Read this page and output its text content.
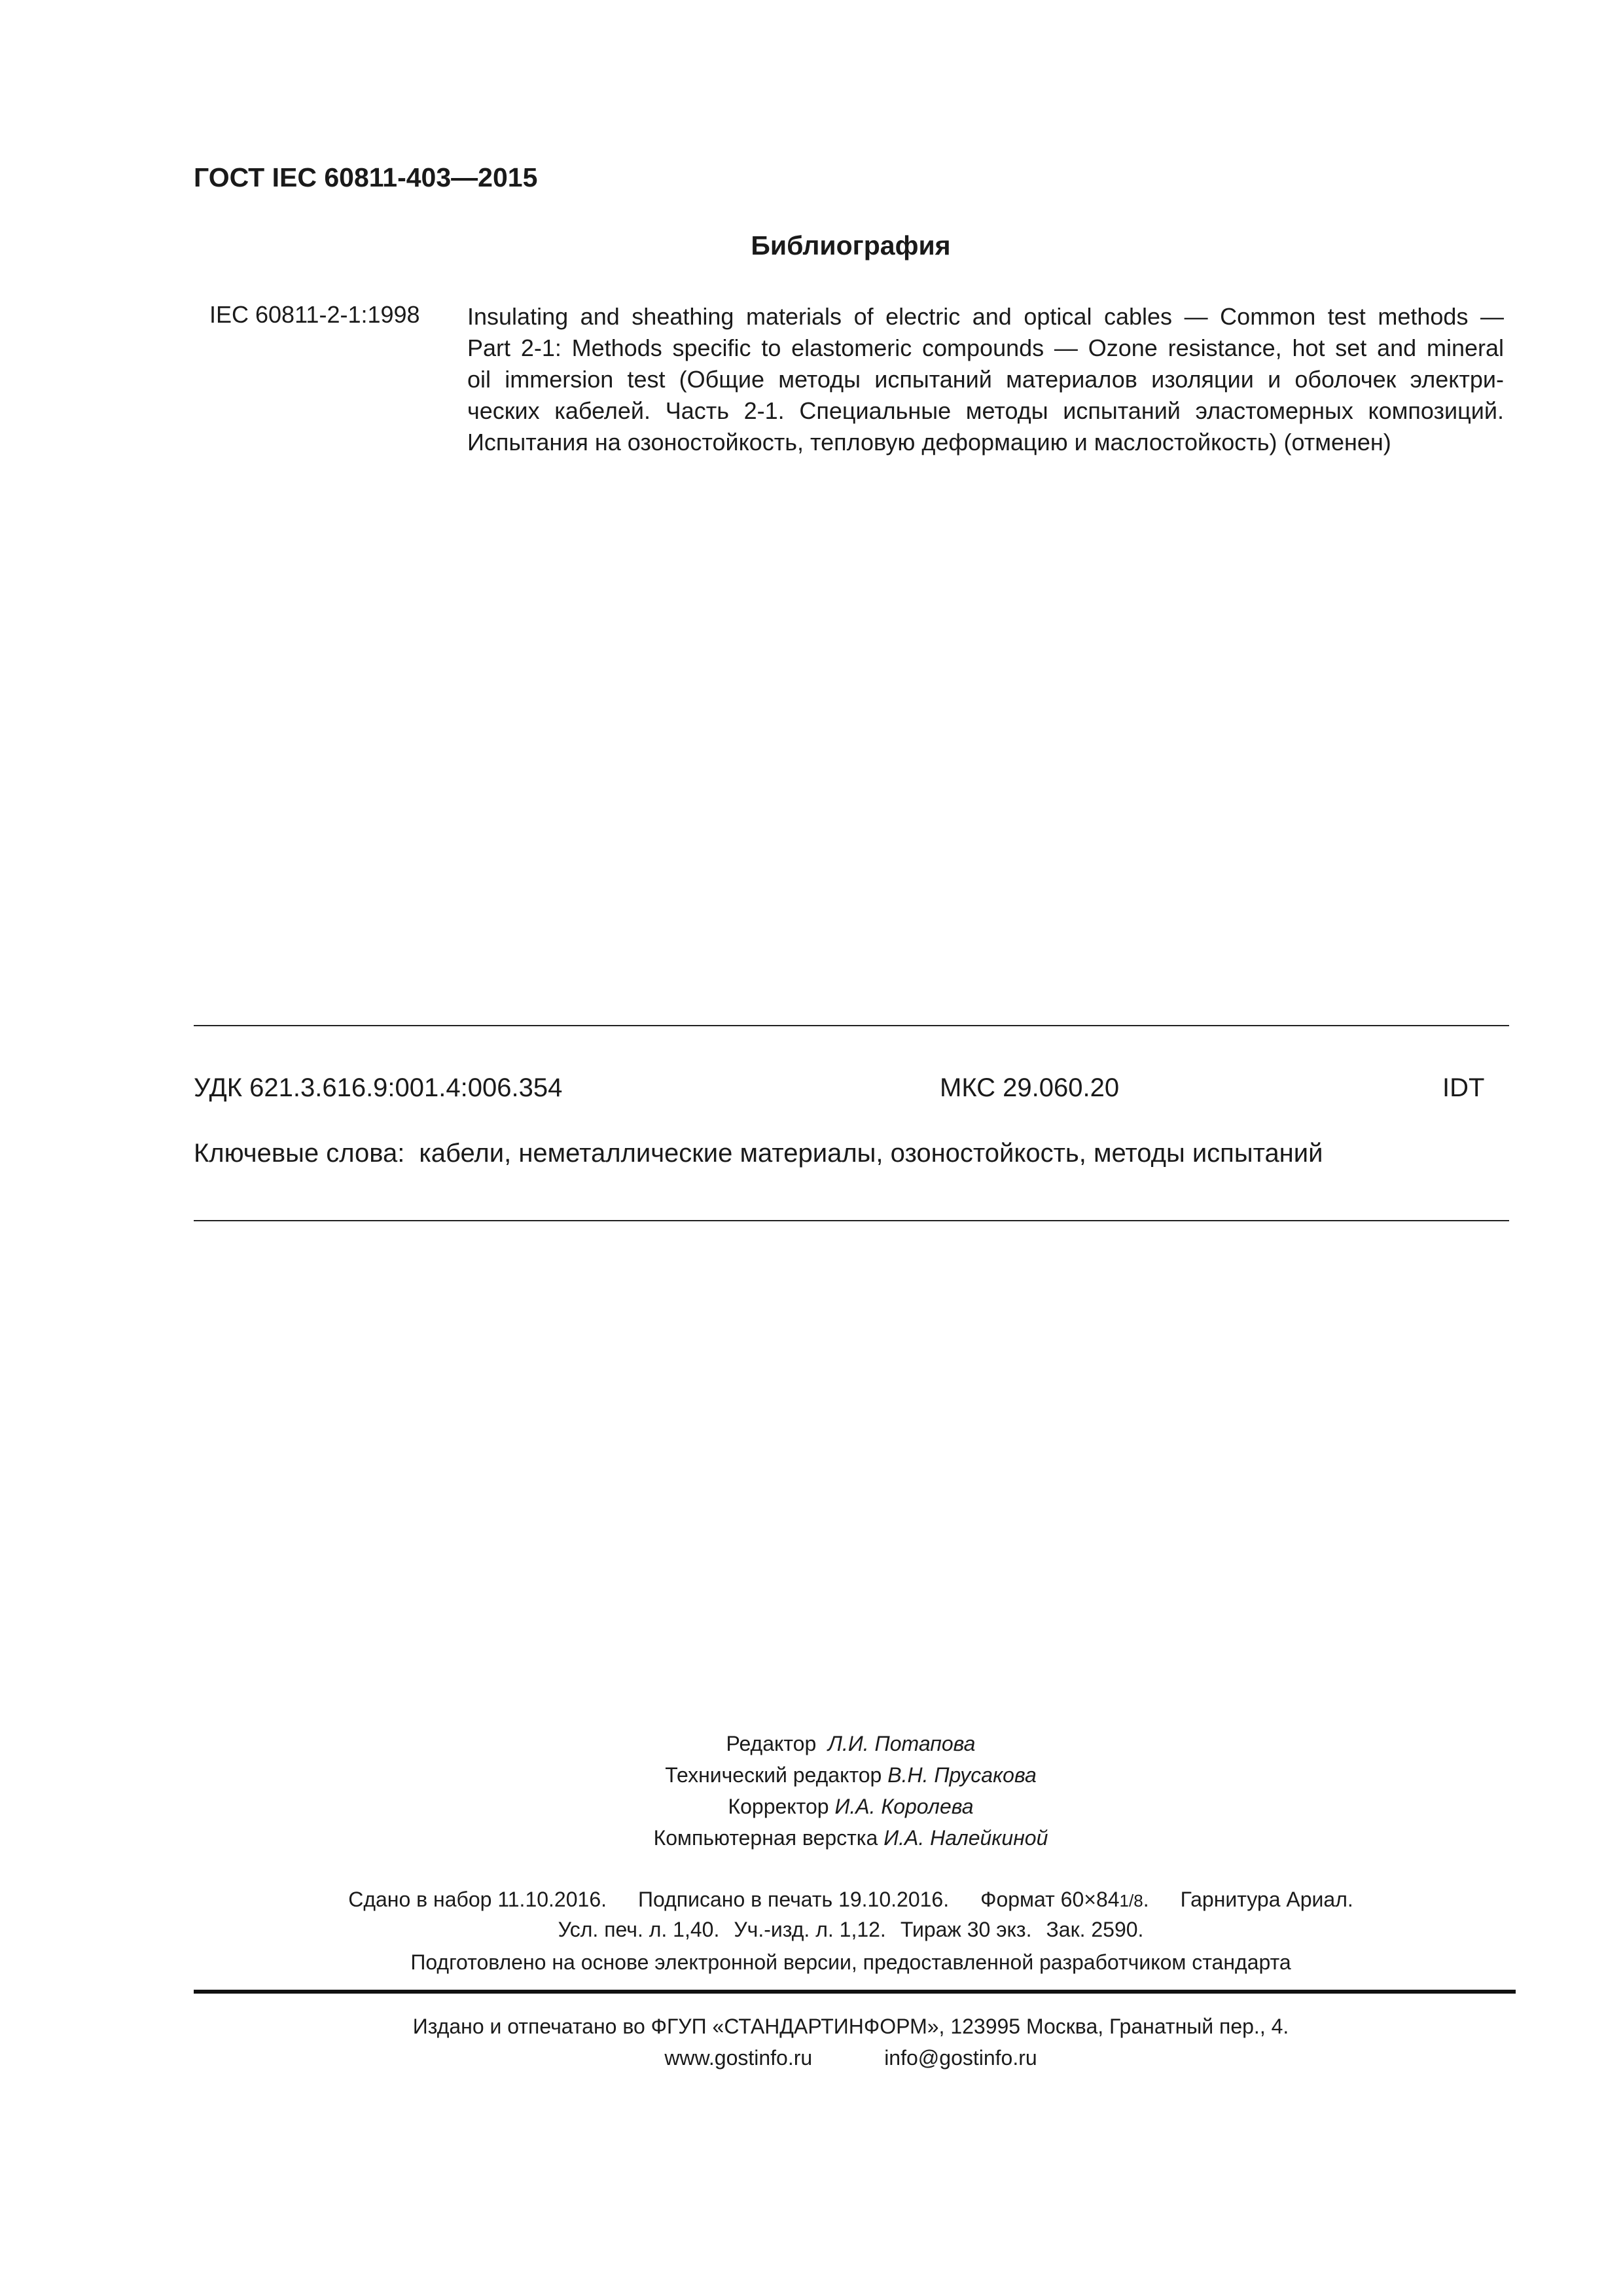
ГОСТ IEC 60811-403—2015
Библиография
IEC 60811-2-1:1998 Insulating and sheathing materials of electric and optical cables — Common test methods —
Part 2-1: Methods specific to elastomeric compounds — Ozone resistance, hot set and mineral
oil immersion test (Общие методы испытаний материалов изоляции и оболочек электри-
ческих кабелей. Часть 2-1. Специальные методы испытаний эластомерных композиций.
Испытания на озоностойкость, тепловую деформацию и маслостойкость) (отменен)
УДК 621.3.616.9:001.4:006.354	МКС 29.060.20	IDT
Ключевые слова: кабели, неметаллические материалы, озоностойкость, методы испытаний
Редактор Л.И. Потапова
Технический редактор В.Н. Прусакова
Корректор И.А. Королева
Компьютерная верстка И.А. Налейкиной
Сдано в набор 11.10.2016. Подписано в печать 19.10.2016. Формат 60×841/8. Гарнитура Ариал.
Усл. печ. л. 1,40. Уч.-изд. л. 1,12. Тираж 30 экз. Зак. 2590.
Подготовлено на основе электронной версии, предоставленной разработчиком стандарта
Издано и отпечатано во ФГУП «СТАНДАРТИНФОРМ», 123995 Москва, Гранатный пер., 4.
www.gostinfo.ru	info@gostinfo.ru
